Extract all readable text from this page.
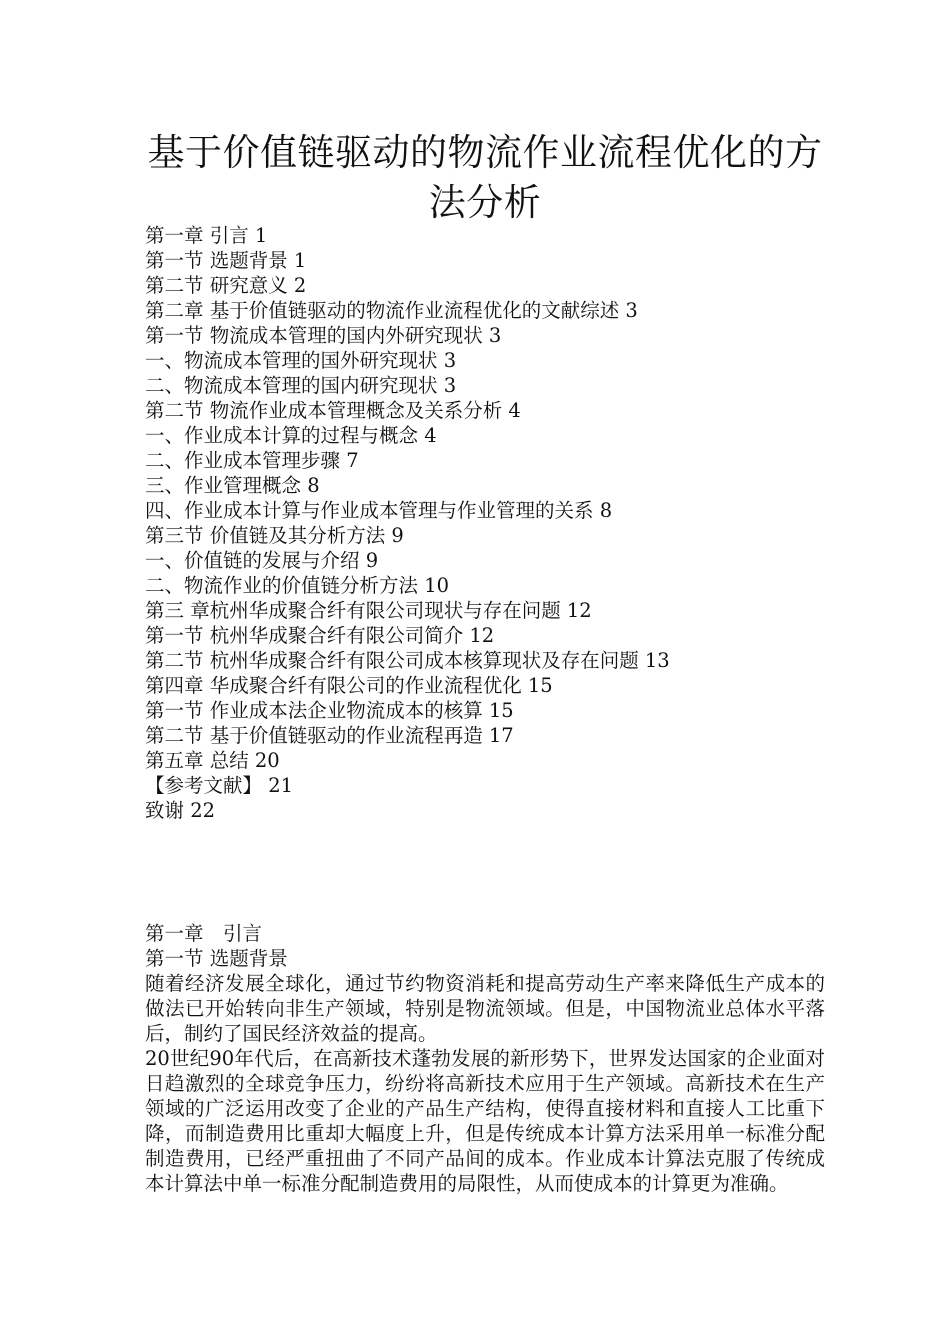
基于价值链驱动的物流作业流程优化的方
法分析
第一章 引言 1
第一节 选题背景 1
第二节 研究意义 2
第二章 基于价值链驱动的物流作业流程优化的文献综述 3
第一节 物流成本管理的国内外研究现状 3
一、物流成本管理的国外研究现状 3
二、物流成本管理的国内研究现状 3
第二节 物流作业成本管理概念及关系分析 4
一、作业成本计算的过程与概念 4
二、作业成本管理步骤 7
三、作业管理概念 8
四、作业成本计算与作业成本管理与作业管理的关系 8
第三节 价值链及其分析方法 9
一、价值链的发展与介绍 9
二、物流作业的价值链分析方法 10
第三 章杭州华成聚合纤有限公司现状与存在问题 12
第一节 杭州华成聚合纤有限公司简介 12
第二节 杭州华成聚合纤有限公司成本核算现状及存在问题 13
第四章 华成聚合纤有限公司的作业流程优化 15
第一节 作业成本法企业物流成本的核算 15
第二节 基于价值链驱动的作业流程再造 17
第五章 总结 20
【参考文献】 21
致谢 22
第一章　引言
第一节 选题背景

随着经济发展全球化，通过节约物资消耗和提高劳动生产率来降低生产成本的做法已开始转向非生产领域，特别是物流领域。但是，中国物流业总体水平落后，制约了国民经济效益的提高。

20世纪90年代后，在高新技术蓬勃发展的新形势下，世界发达国家的企业面对日趋激烈的全球竞争压力，纷纷将高新技术应用于生产领域。高新技术在生产领域的广泛运用改变了企业的产品生产结构，使得直接材料和直接人工比重下降，而制造费用比重却大幅度上升，但是传统成本计算方法采用单一标准分配制造费用，已经严重扭曲了不同产品间的成本。作业成本计算法克服了传统成本计算法中单一标准分配制造费用的局限性，从而使成本的计算更为准确。
